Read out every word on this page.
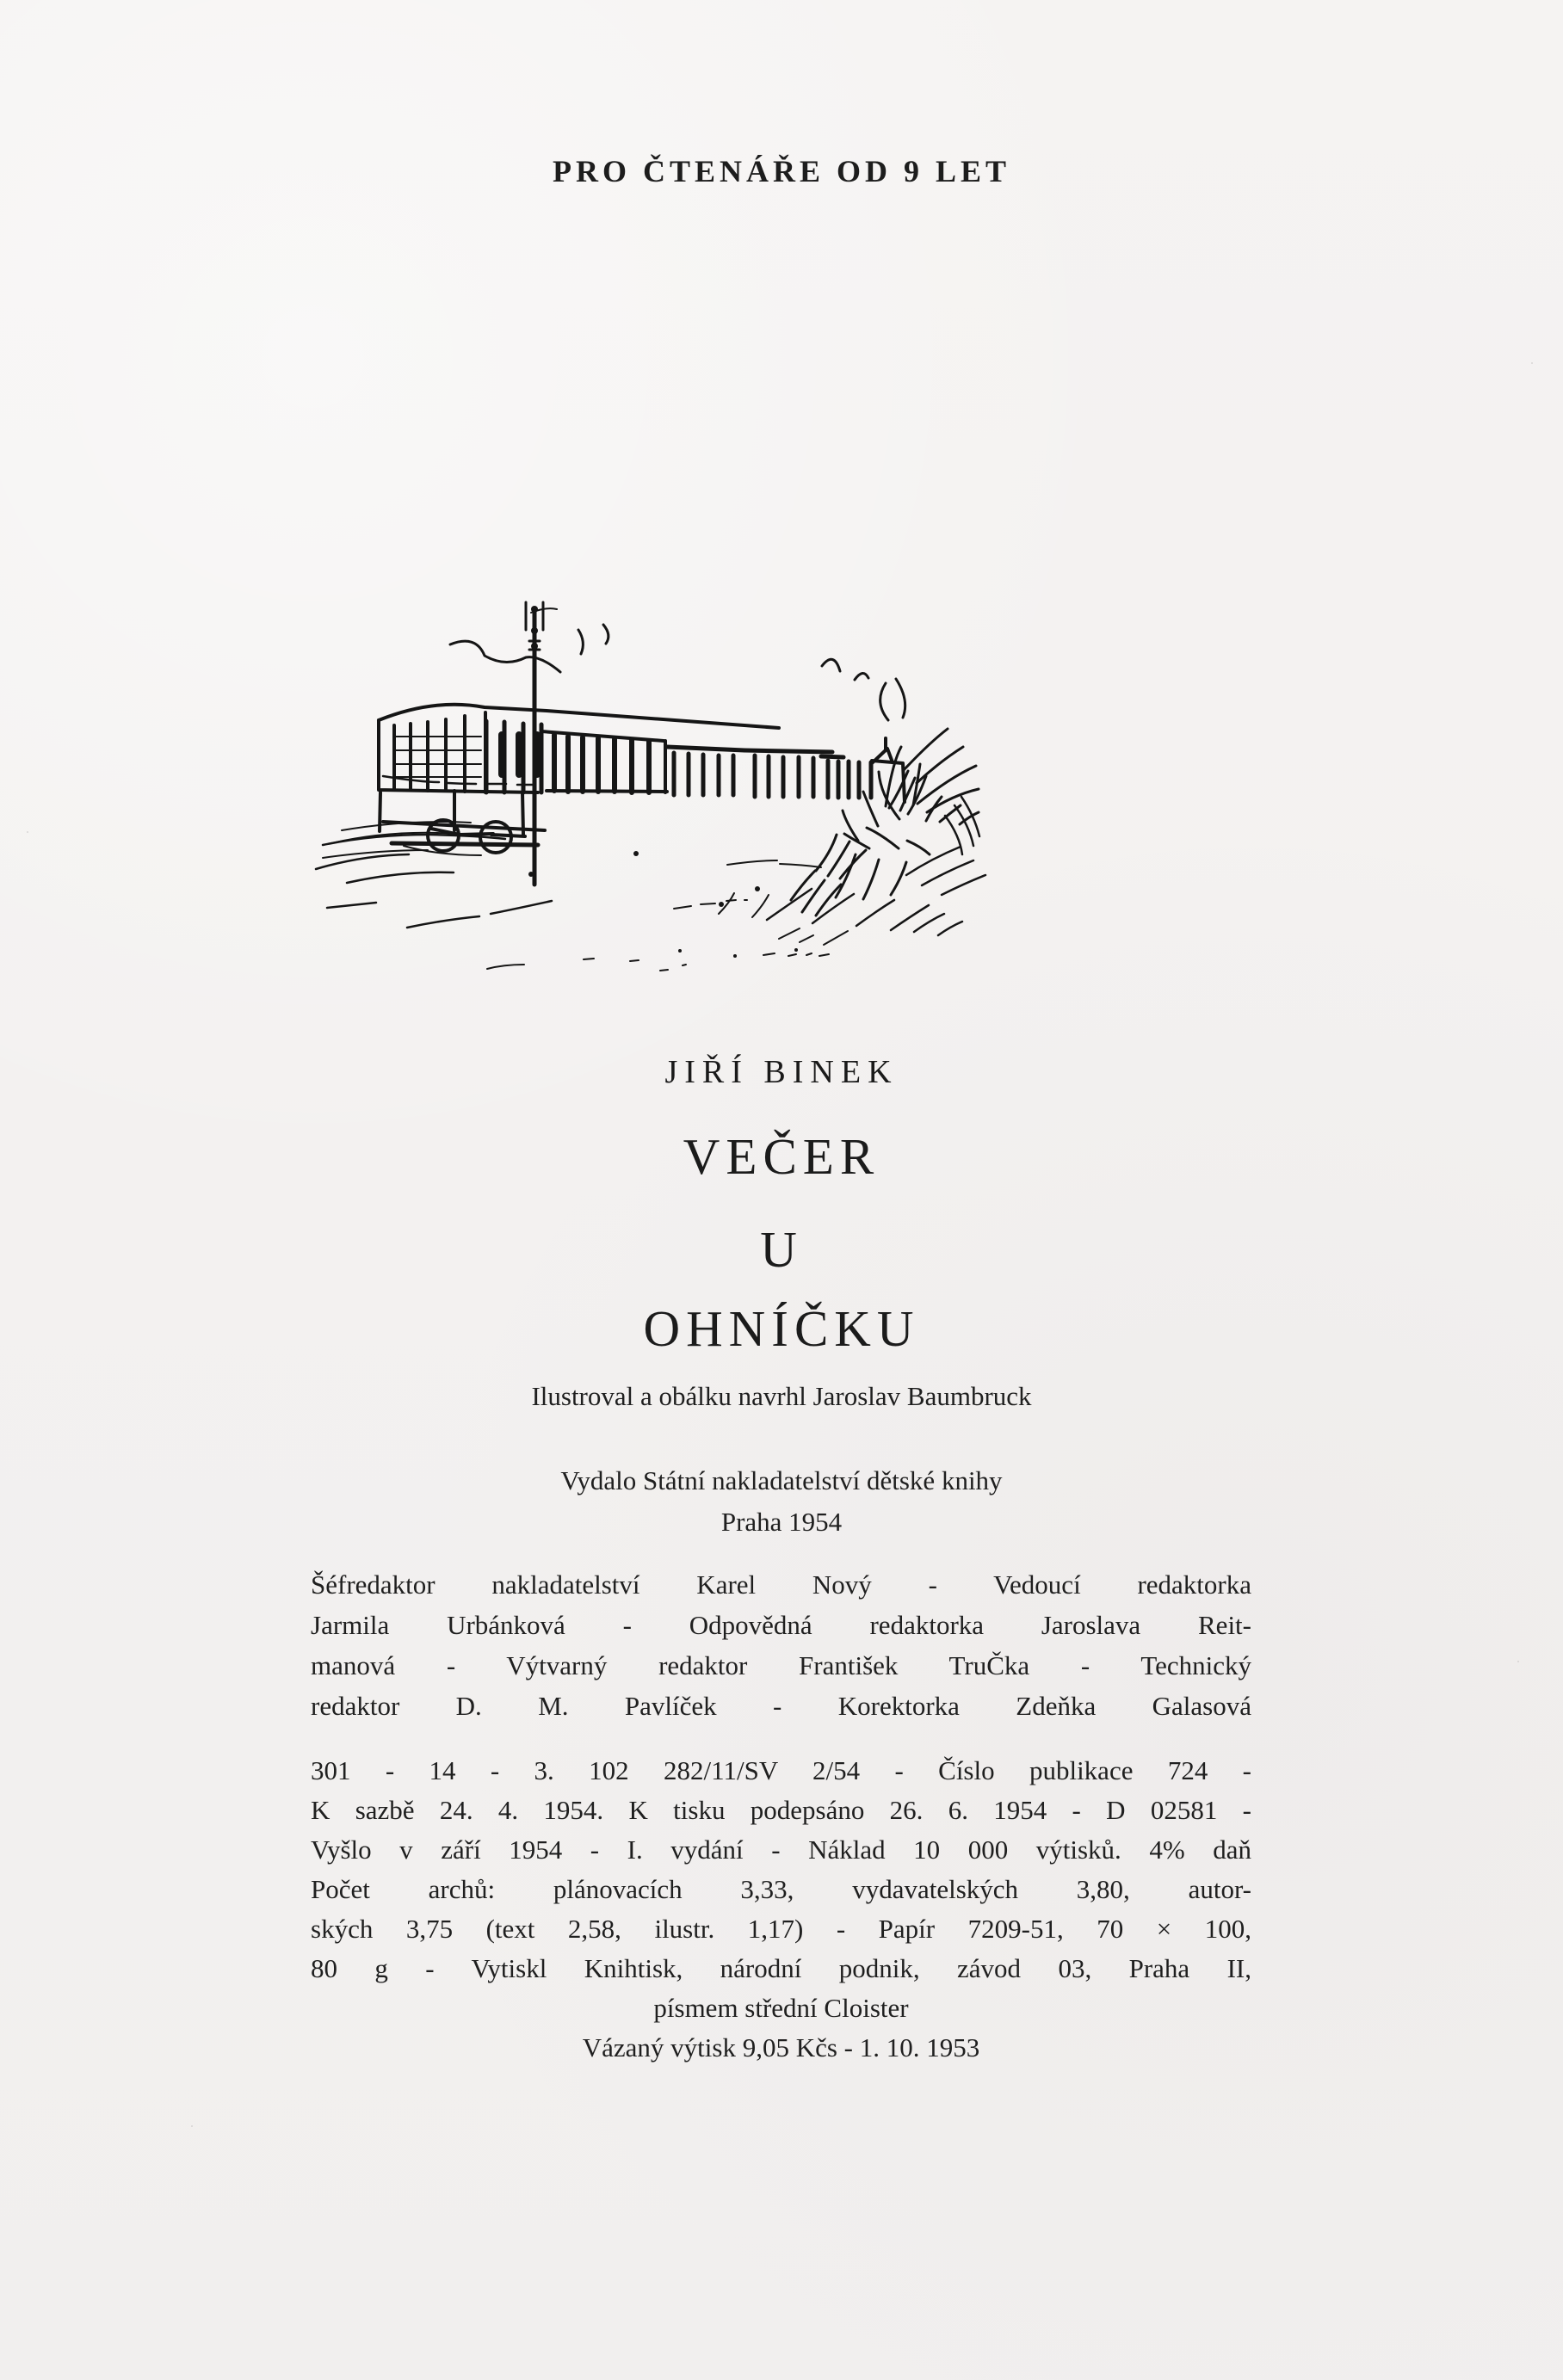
PRO ČTENÁŘE OD 9 LET
JIŘÍ BINEK
VEČER
U
OHNÍČKU
Ilustroval a obálku navrhl Jaroslav Baumbruck
Vydalo Státní nakladatelství dětské knihy
Praha 1954
Šéfredaktor nakladatelství Karel Nový - Vedoucí redaktorka
Jarmila Urbánková - Odpovědná redaktorka Jaroslava Reit-
manová - Výtvarný redaktor František TruČka - Technický
redaktor D. M. Pavlíček - Korektorka Zdeňka Galasová
301 - 14 - 3. 102 282/11/SV 2/54 - Číslo publikace 724 -
K sazbě 24. 4. 1954. K tisku podepsáno 26. 6. 1954 - D 02581 -
Vyšlo v září 1954 - I. vydání - Náklad 10 000 výtisků. 4% daň
Počet archů: plánovacích 3,33, vydavatelských 3,80, autor-
ských 3,75 (text 2,58, ilustr. 1,17) - Papír 7209-51, 70 × 100,
80 g - Vytiskl Knihtisk, národní podnik, závod 03, Praha II,
písmem střední Cloister
Vázaný výtisk 9,05 Kčs - 1. 10. 1953
